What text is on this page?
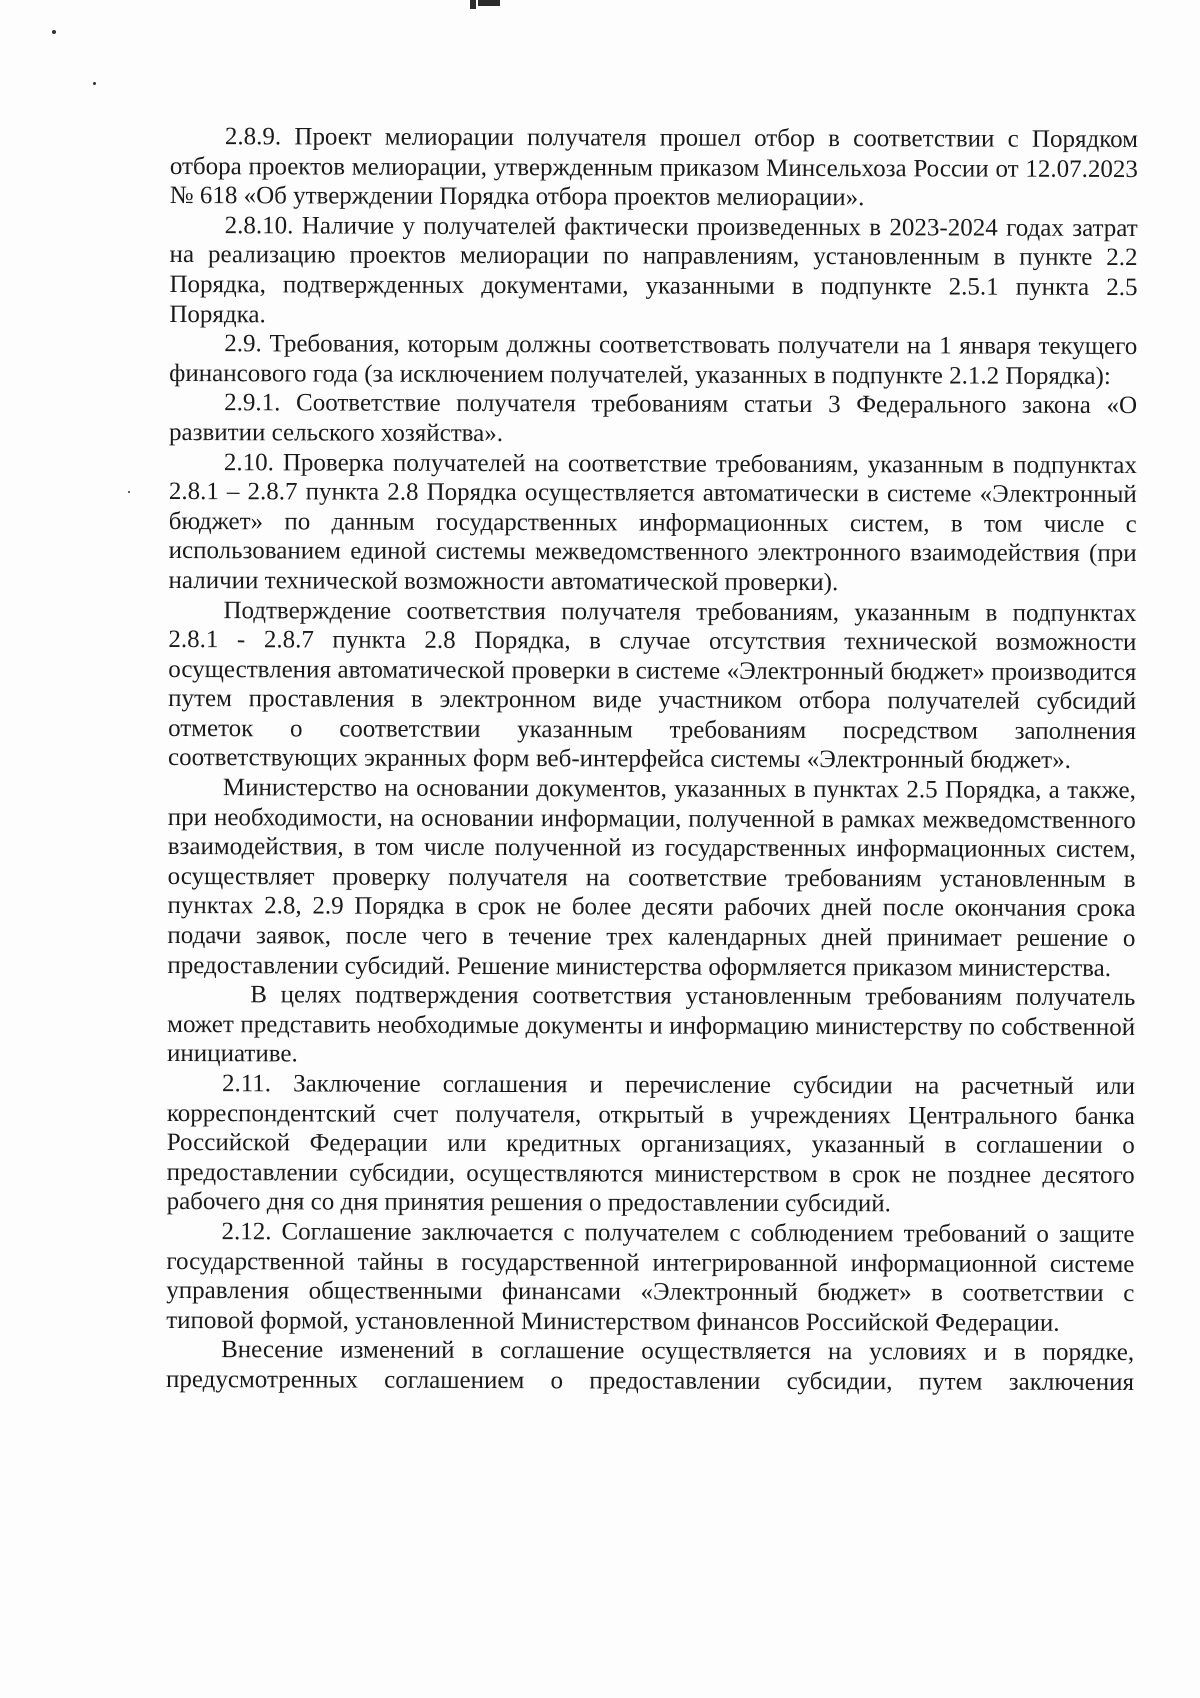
2.8.9. Проект мелиорации получателя прошел отбор в соответствии с Порядком отбора проектов мелиорации, утвержденным приказом Минсельхоза России от 12.07.2023 № 618 «Об утверждении Порядка отбора проектов мелиорации».

2.8.10. Наличие у получателей фактически произведенных в 2023-2024 годах затрат на реализацию проектов мелиорации по направлениям, установленным в пункте 2.2 Порядка, подтвержденных документами, указанными в подпункте 2.5.1 пункта 2.5 Порядка.

2.9. Требования, которым должны соответствовать получатели на 1 января текущего финансового года (за исключением получателей, указанных в подпункте 2.1.2 Порядка):

2.9.1. Соответствие получателя требованиям статьи 3 Федерального закона «О развитии сельского хозяйства».

2.10. Проверка получателей на соответствие требованиям, указанным в подпунктах 2.8.1 – 2.8.7 пункта 2.8 Порядка осуществляется автоматически в системе «Электронный бюджет» по данным государственных информационных систем, в том числе с использованием единой системы межведомственного электронного взаимодействия (при наличии технической возможности автоматической проверки).

Подтверждение соответствия получателя требованиям, указанным в подпунктах 2.8.1 - 2.8.7 пункта 2.8 Порядка, в случае отсутствия технической возможности осуществления автоматической проверки в системе «Электронный бюджет» производится путем проставления в электронном виде участником отбора получателей субсидий отметок о соответствии указанным требованиям посредством заполнения соответствующих экранных форм веб-интерфейса системы «Электронный бюджет».

Министерство на основании документов, указанных в пунктах 2.5 Порядка, а также, при необходимости, на основании информации, полученной в рамках межведомственного взаимодействия, в том числе полученной из государственных информационных систем, осуществляет проверку получателя на соответствие требованиям установленным в пунктах 2.8, 2.9 Порядка в срок не более десяти рабочих дней после окончания срока подачи заявок, после чего в течение трех календарных дней принимает решение о предоставлении субсидий. Решение министерства оформляется приказом министерства.

В целях подтверждения соответствия установленным требованиям получатель может представить необходимые документы и информацию министерству по собственной инициативе.

2.11. Заключение соглашения и перечисление субсидии на расчетный или корреспондентский счет получателя, открытый в учреждениях Центрального банка Российской Федерации или кредитных организациях, указанный в соглашении о предоставлении субсидии, осуществляются министерством в срок не позднее десятого рабочего дня со дня принятия решения о предоставлении субсидий.

2.12. Соглашение заключается с получателем с соблюдением требований о защите государственной тайны в государственной интегрированной информационной системе управления общественными финансами «Электронный бюджет» в соответствии с типовой формой, установленной Министерством финансов Российской Федерации.

Внесение изменений в соглашение осуществляется на условиях и в порядке, предусмотренных соглашением о предоставлении субсидии, путем заключения
